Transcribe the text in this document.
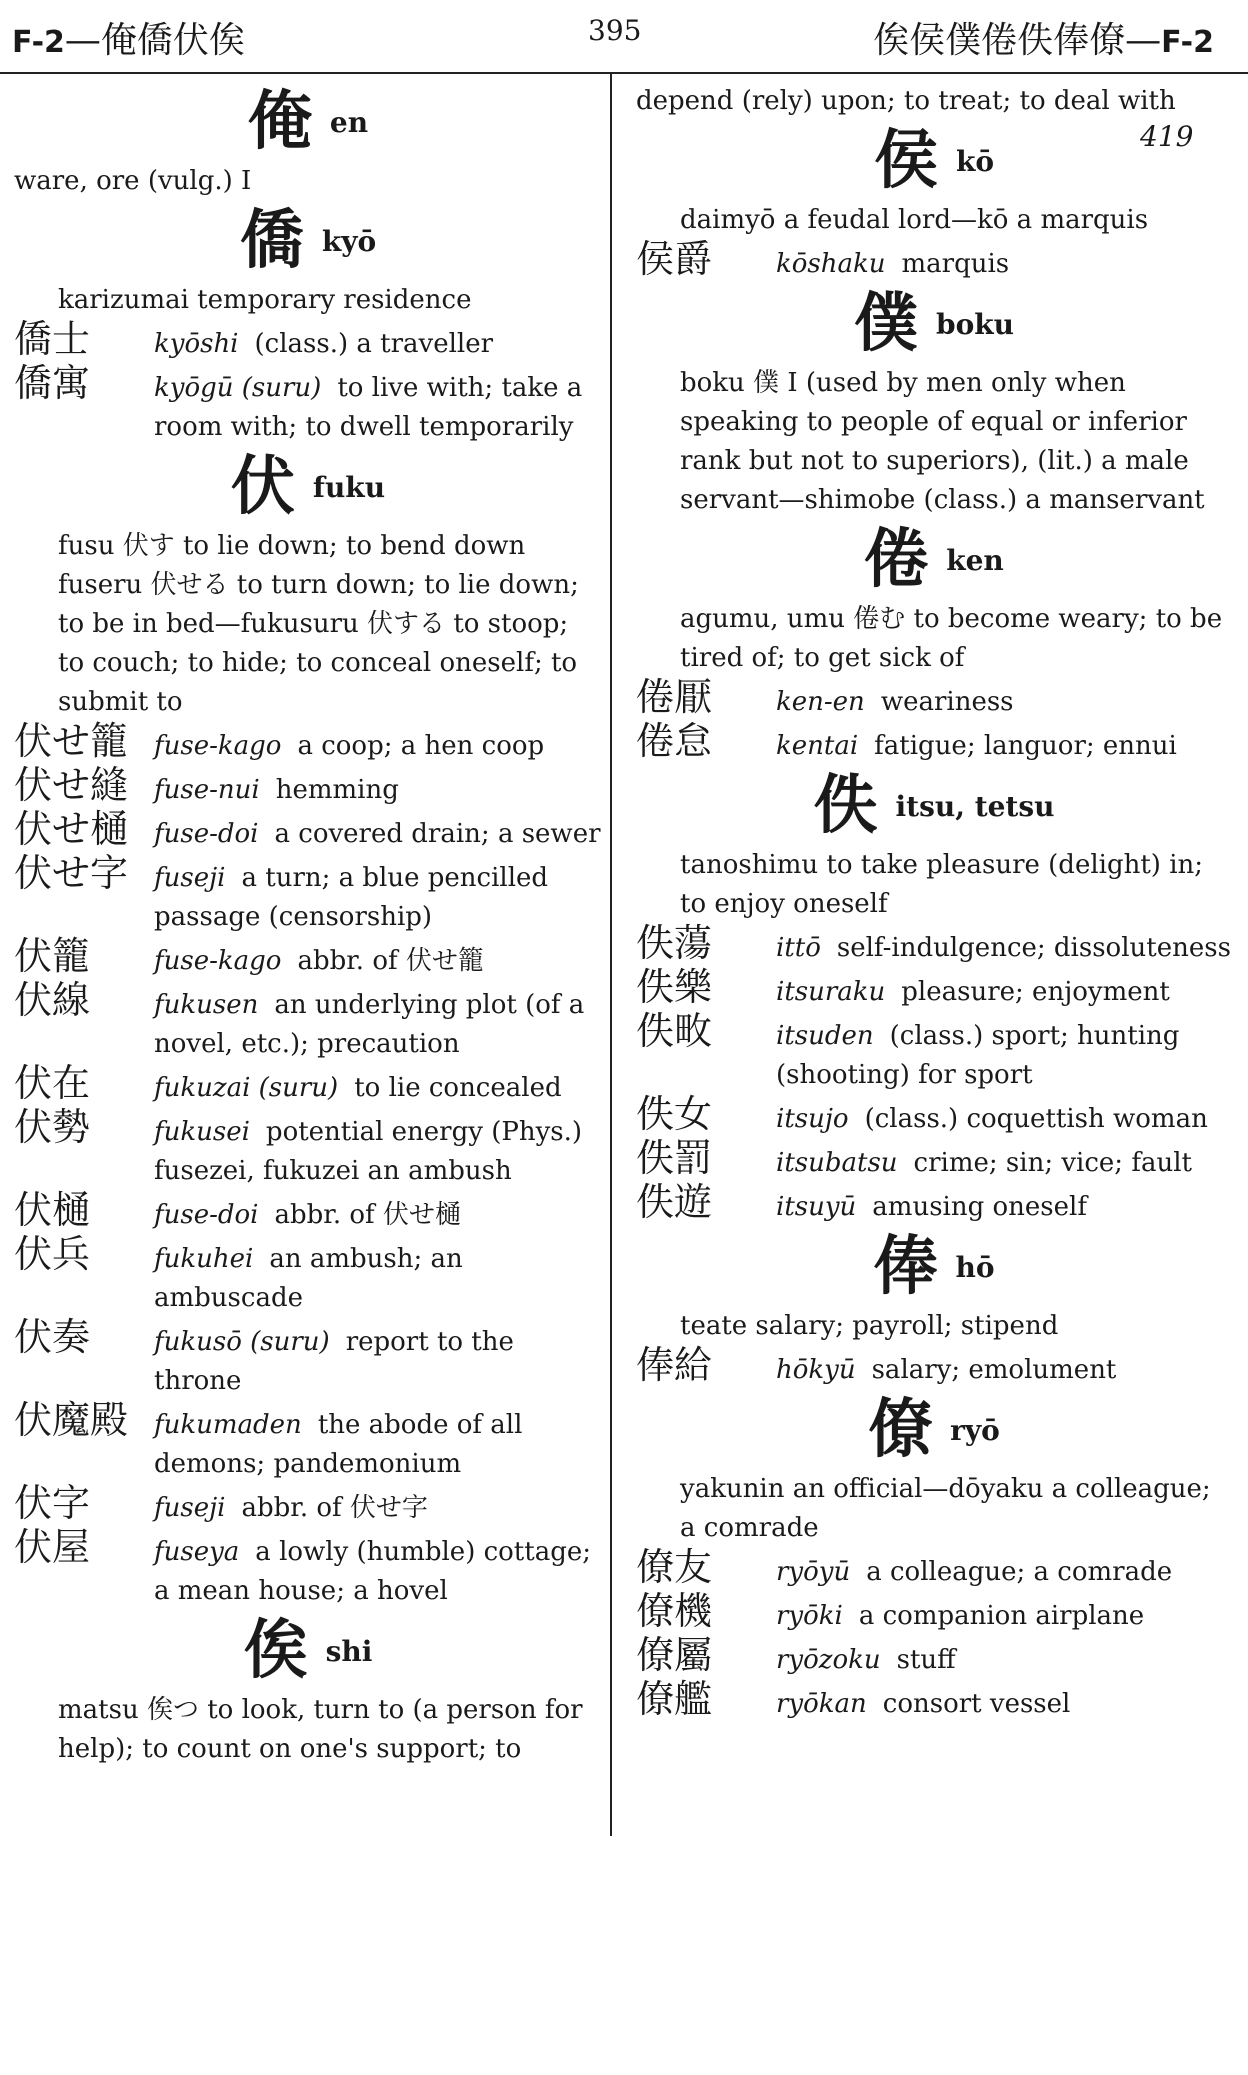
F-2—俺僑伏俟	395	俟侯僕倦佚俸僚—F-2
419
俺en
ware, ore (vulg.) I
僑kyō
karizumai temporary residence
僑士	kyōshi (class.) a traveller
僑寓	kyōgū (suru) to live with; take a room with; to dwell temporarily
伏fuku
fusu 伏す to lie down; to bend down fuseru 伏せる to turn down; to lie down; to be in bed—fukusuru 伏する to stoop; to couch; to hide; to conceal oneself; to submit to
伏せ籠 fuse-kago a coop; a hen coop
伏せ縫 fuse-nui hemming
伏せ樋 fuse-doi a covered drain; a sewer
伏せ字 fuseji a turn; a blue pencilled passage (censorship)
伏籠	fuse-kago abbr. of 伏せ籠
伏線	fukusen an underlying plot (of a novel, etc.); precaution
伏在	fukuzai (suru) to lie concealed
伏勢	fukusei potential energy (Phys.) fusezei, fukuzei an ambush
伏樋	fuse-doi abbr. of 伏せ樋
伏兵	fukuhei an ambush; an ambuscade
伏奏	fukusō (suru) report to the throne
伏魔殿 fukumaden the abode of all demons; pandemonium
伏字	fuseji abbr. of 伏せ字
伏屋	fuseya a lowly (humble) cottage; a mean house; a hovel
俟shi
matsu 俟つ to look, turn to (a person for help); to count on one's support; to
depend (rely) upon; to treat; to deal with
侯kō
daimyō a feudal lord—kō a marquis
侯爵	kōshaku marquis
僕boku
boku 僕 I (used by men only when speaking to people of equal or inferior rank but not to superiors), (lit.) a male servant—shimobe (class.) a manservant
倦ken
agumu, umu 倦む to become weary; to be tired of; to get sick of
倦厭	ken-en weariness
倦怠	kentai fatigue; languor; ennui
佚itsu, tetsu
tanoshimu to take pleasure (delight) in; to enjoy oneself
佚蕩	ittō self-indulgence; dissoluteness
佚樂	itsuraku pleasure; enjoyment
佚畋	itsuden (class.) sport; hunting (shooting) for sport
佚女	itsujo (class.) coquettish woman
佚罰	itsubatsu crime; sin; vice; fault
佚遊	itsuyū amusing oneself
俸hō
teate salary; payroll; stipend
俸給	hōkyū salary; emolument
僚ryō
yakunin an official—dōyaku a colleague; a comrade
僚友	ryōyū a colleague; a comrade
僚機	ryōki a companion airplane
僚屬	ryōzoku stuff
僚艦	ryōkan consort vessel
